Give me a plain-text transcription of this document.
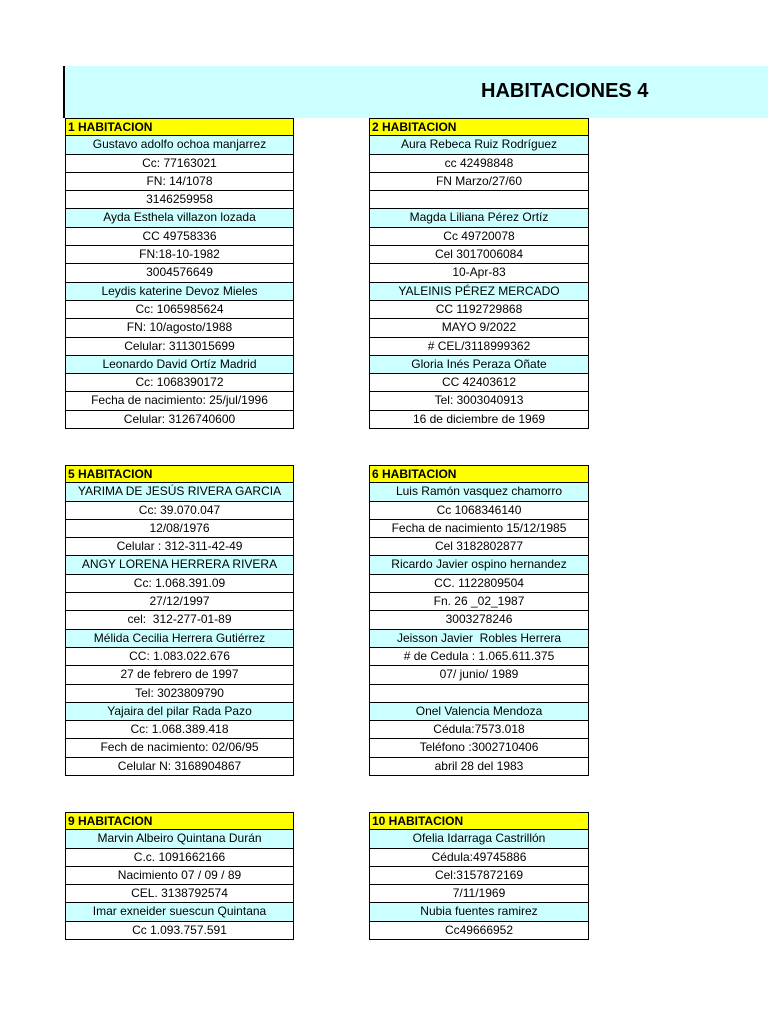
HABITACIONES 4
1 HABITACION
Gustavo adolfo ochoa manjarrez
Cc: 77163021
FN: 14/1078
3146259958
Ayda Esthela villazon lozada
CC 49758336
FN:18-10-1982
3004576649
Leydis katerine Devoz Mieles
Cc: 1065985624
FN: 10/agosto/1988
Celular: 3113015699
Leonardo David Ortíz Madrid
Cc: 1068390172
Fecha de nacimiento: 25/jul/1996
Celular: 3126740600
2 HABITACION
Aura Rebeca Ruiz Rodríguez
cc 42498848
FN Marzo/27/60
Magda Liliana Pérez Ortíz
Cc 49720078
Cel 3017006084
10-Apr-83
YALEINIS PÉREZ MERCADO
CC 1192729868
MAYO 9/2022
# CEL/3118999362
Gloria Inés Peraza Oñate
CC 42403612
Tel: 3003040913
16 de diciembre de 1969
5 HABITACION
YARIMA DE JESÚS RIVERA GARCIA
Cc: 39.070.047
12/08/1976
Celular : 312-311-42-49
ANGY LORENA HERRERA RIVERA
Cc: 1.068.391.09
27/12/1997
cel:  312-277-01-89
Mélida Cecilia Herrera Gutiérrez
CC: 1.083.022.676
27 de febrero de 1997
Tel: 3023809790
Yajaira del pilar Rada Pazo
Cc: 1.068.389.418
Fech de nacimiento: 02/06/95
Celular N: 3168904867
6 HABITACION
Luis Ramón vasquez chamorro
Cc 1068346140
Fecha de nacimiento 15/12/1985
Cel 3182802877
Ricardo Javier ospino hernandez
CC. 1122809504
Fn. 26 _02_1987
3003278246
Jeisson Javier  Robles Herrera
# de Cedula : 1.065.611.375
07/ junio/ 1989
Onel Valencia Mendoza
Cédula:7573.018
Teléfono :3002710406
abril 28 del 1983
9 HABITACION
Marvin Albeiro Quintana Durán
C.c. 1091662166
Nacimiento 07 / 09 / 89
CEL. 3138792574
Imar exneider suescun Quintana
Cc 1.093.757.591
10 HABITACION
Ofelia Idarraga Castrillón
Cédula:49745886
Cel:3157872169
7/11/1969
Nubia fuentes ramirez
Cc49666952
